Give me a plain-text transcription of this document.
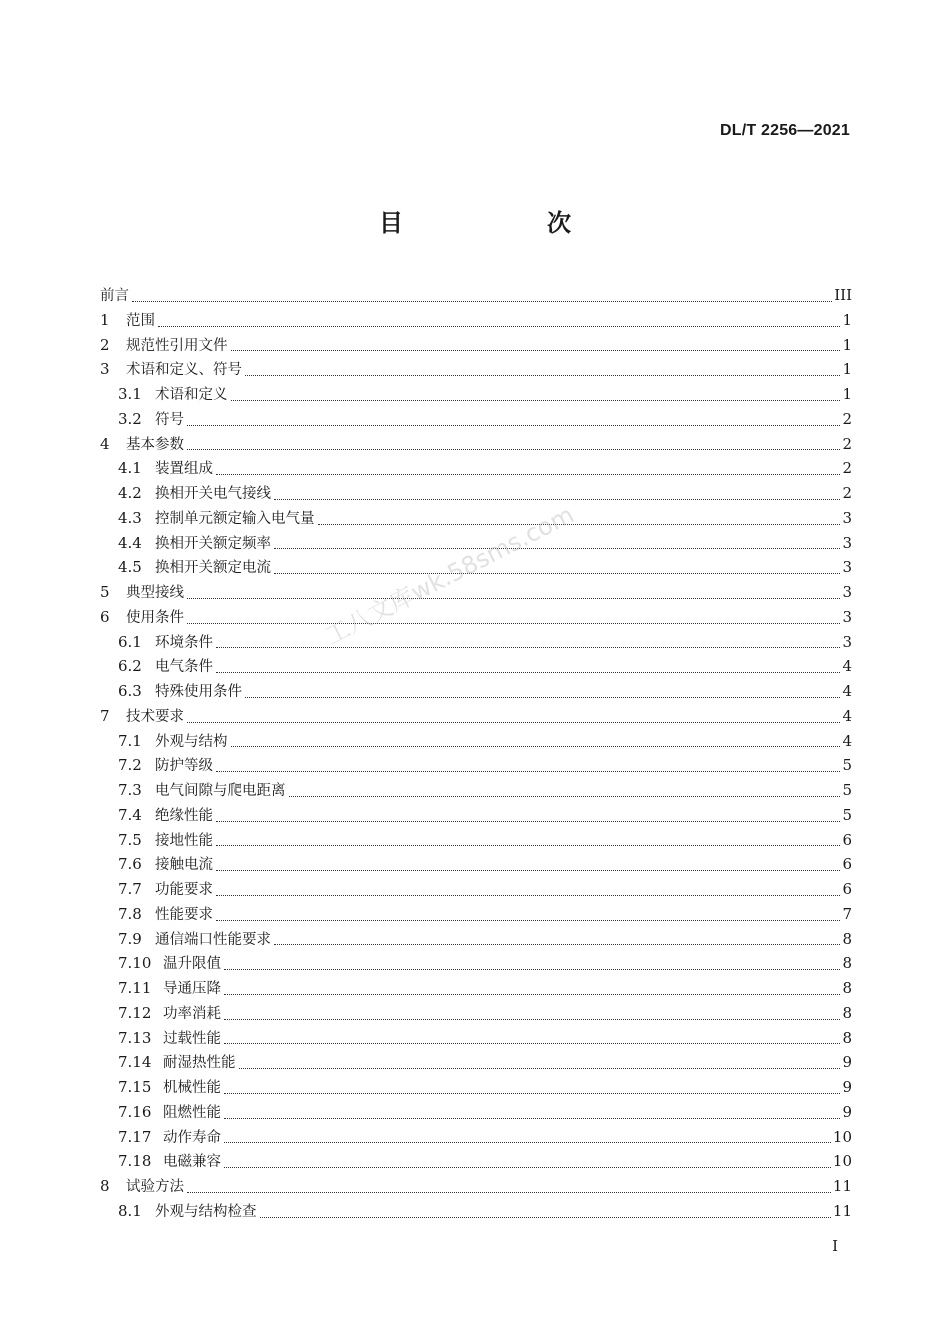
DL/T 2256—2021
目　次
前言	III
1	范围	1
2	规范性引用文件	1
3	术语和定义、符号	1
3.1 术语和定义	1
3.2 符号	2
4	基本参数	2
4.1 装置组成	2
4.2 换相开关电气接线	2
4.3 控制单元额定输入电气量	3
4.4 换相开关额定频率	3
4.5 换相开关额定电流	3
5	典型接线	3
6	使用条件	3
6.1 环境条件	3
6.2 电气条件	4
6.3 特殊使用条件	4
7	技术要求	4
7.1 外观与结构	4
7.2 防护等级	5
7.3 电气间隙与爬电距离	5
7.4 绝缘性能	5
7.5 接地性能	6
7.6 接触电流	6
7.7 功能要求	6
7.8 性能要求	7
7.9 通信端口性能要求	8
7.10 温升限值	8
7.11 导通压降	8
7.12 功率消耗	8
7.13 过载性能	8
7.14 耐湿热性能	9
7.15 机械性能	9
7.16 阻燃性能	9
7.17 动作寿命	10
7.18 电磁兼容	10
8	试验方法	11
8.1 外观与结构检查	11
工八文库wk.58sms.com
I
